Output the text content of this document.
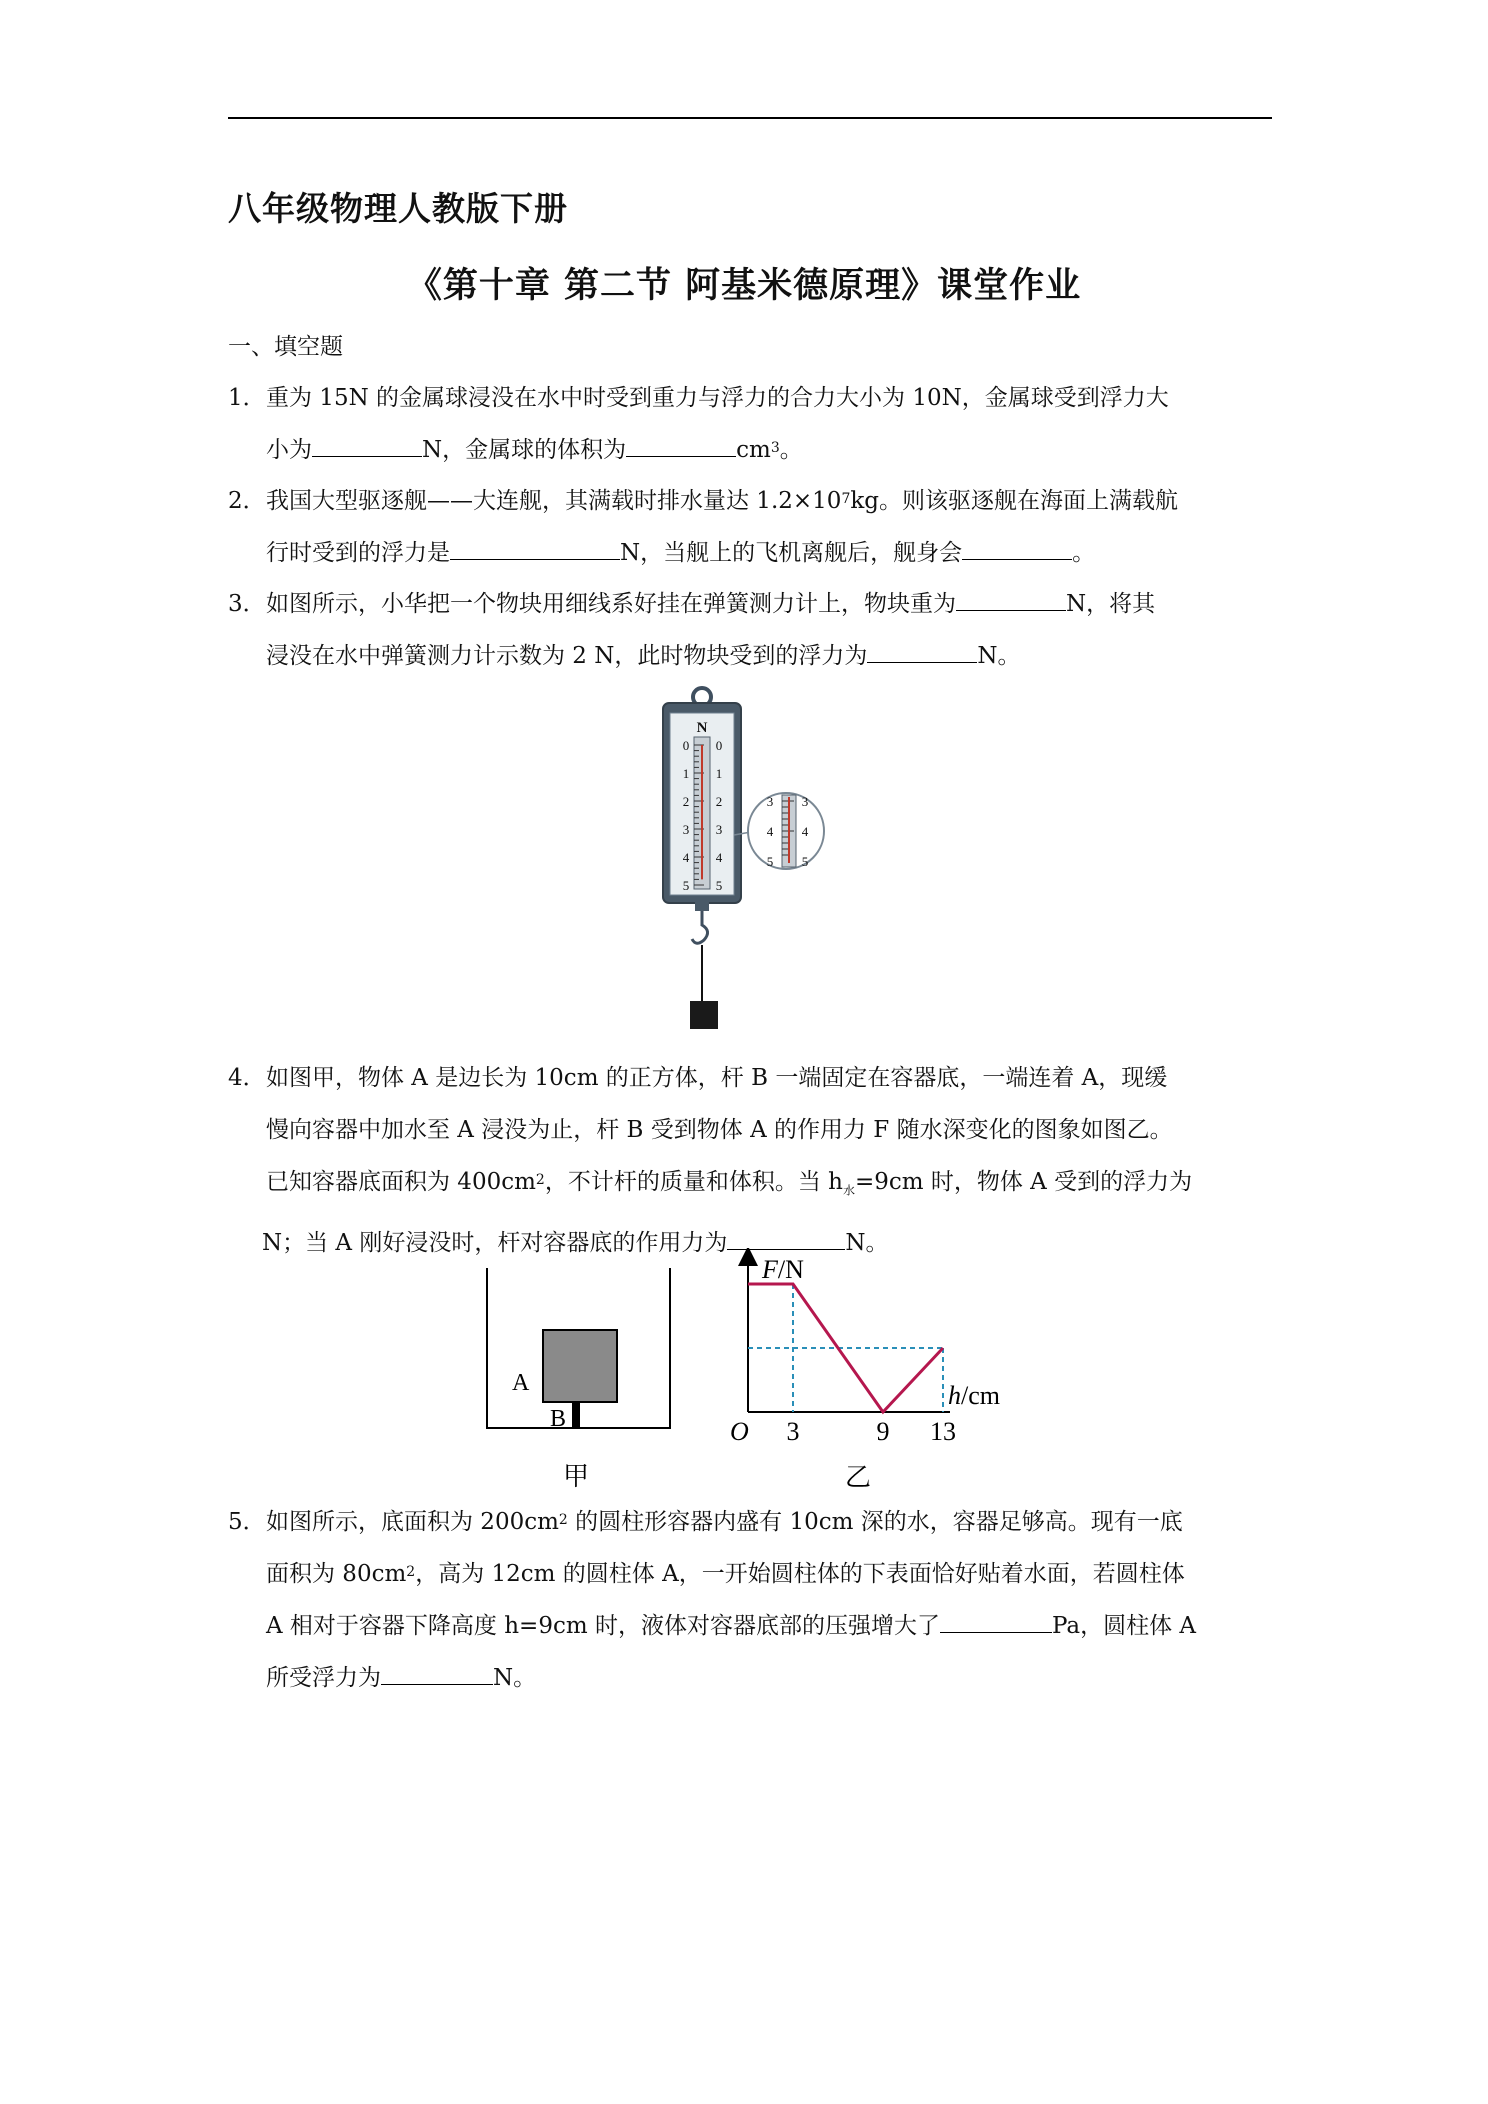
八年级物理人教版下册
《第十章 第二节 阿基米德原理》课堂作业
一、填空题
1． 重为 15N 的金属球浸没在水中时受到重力与浮力的合力大小为 10N，金属球受到浮力大
小为	N，金属球的体积为	$cm^3$。
2． 我国大型驱逐舰——大连舰，其满载时排水量达 $1.2\times 10^7kg$。则该驱逐舰在海面上满载航
行时受到的浮力是	N，当舰上的飞机离舰后，舰身会	。
3． 如图所示，小华把一个物块用细线系好挂在弹簧测力计上，物块重为	N，将其
浸没在水中弹簧测力计示数为 2 N，此时物块受到的浮力为	N。
N
0 0
1 1
2 2
3 3
4 4
5 5
3 3
4 4
5 5
4． 如图甲，物体 A 是边长为 10cm 的正方体，杆 B 一端固定在容器底，一端连着 A，现缓
慢向容器中加水至 A 浸没为止，杆 B 受到物体 A 的作用力 F 随水深变化的图象如图乙。
已知容器底面积为 $400cm^2$，不计杆的质量和体积。当 $h_水=9cm$ 时，物体 A 受到的浮力为
N；当 A 刚好浸没时，杆对容器底的作用力为	N。
A
B
甲
F/N
h/cm
O 3	9 13
乙
5． 如图所示，底面积为 $200cm^2$ 的圆柱形容器内盛有 10cm 深的水，容器足够高。现有一底
面积为 $80cm^2$，高为 12cm 的圆柱体 A，一开始圆柱体的下表面恰好贴着水面，若圆柱体
A 相对于容器下降高度 h=9cm 时，液体对容器底部的压强增大了	Pa，圆柱体 A
所受浮力为	N。
